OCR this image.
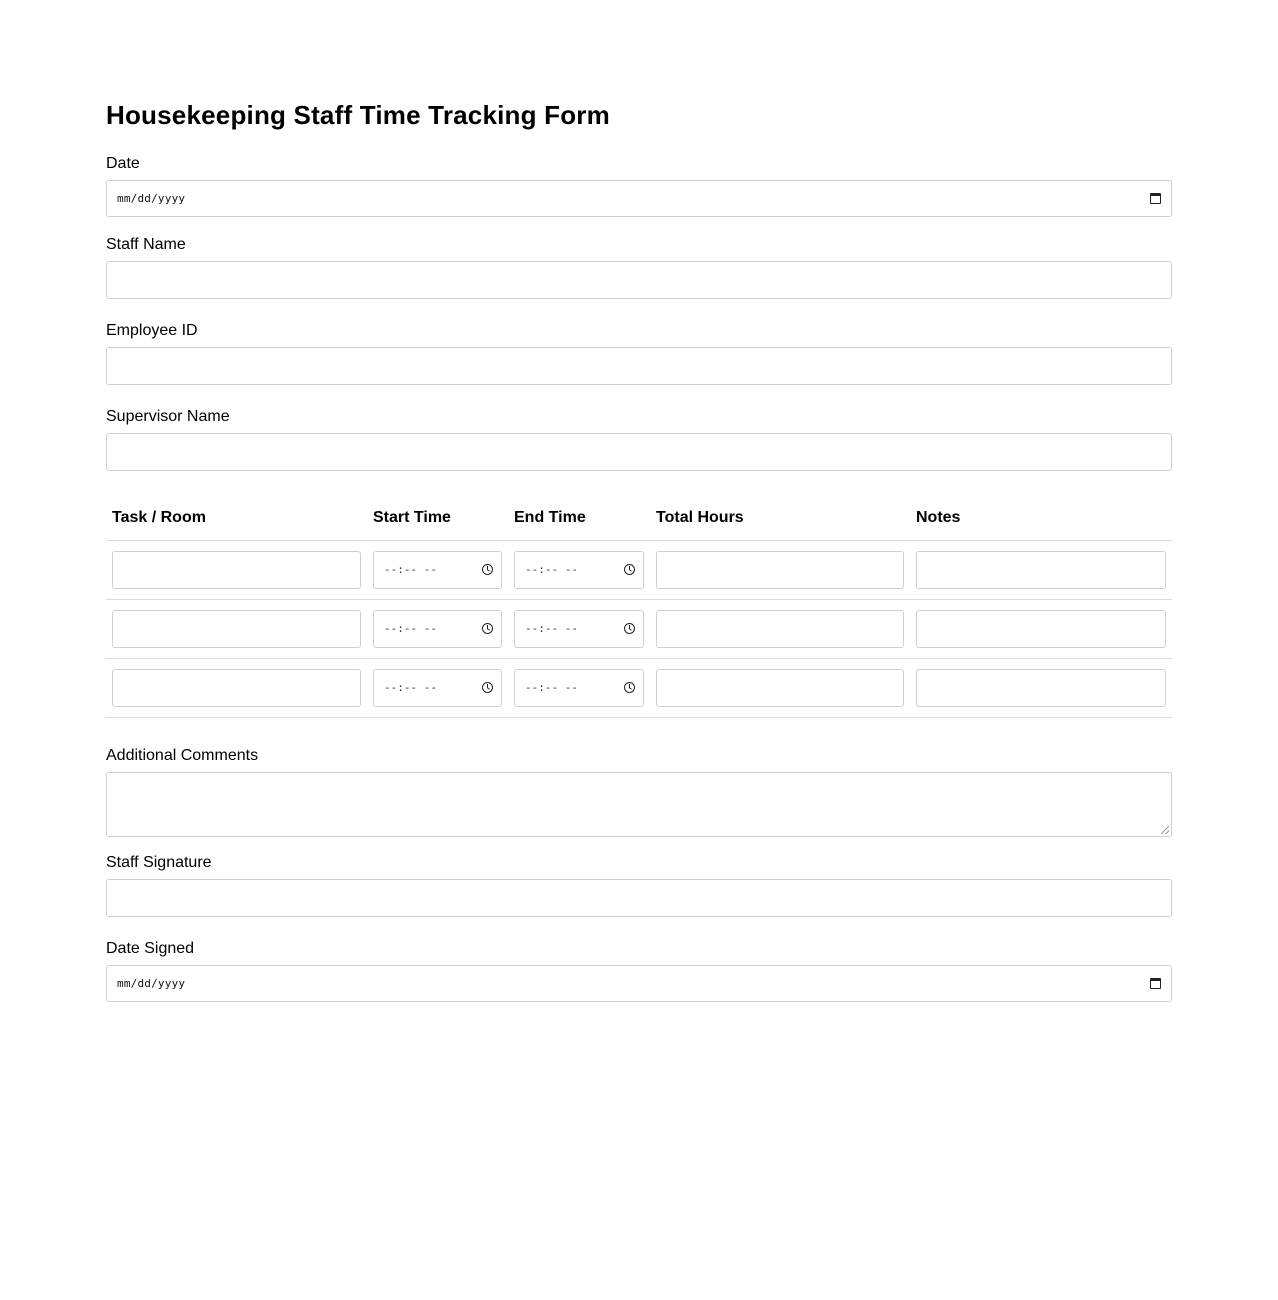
Housekeeping Staff Time Tracking Form
Date
mm/dd/yyyy
Staff Name
Employee ID
Supervisor Name
Task / Room	Start Time	End Time	Total Hours	Notes

	--:-- --	--:-- --		

	--:-- --	--:-- --		

	--:-- --	--:-- --		

Additional Comments
Staff Signature
Date Signed
mm/dd/yyyy
